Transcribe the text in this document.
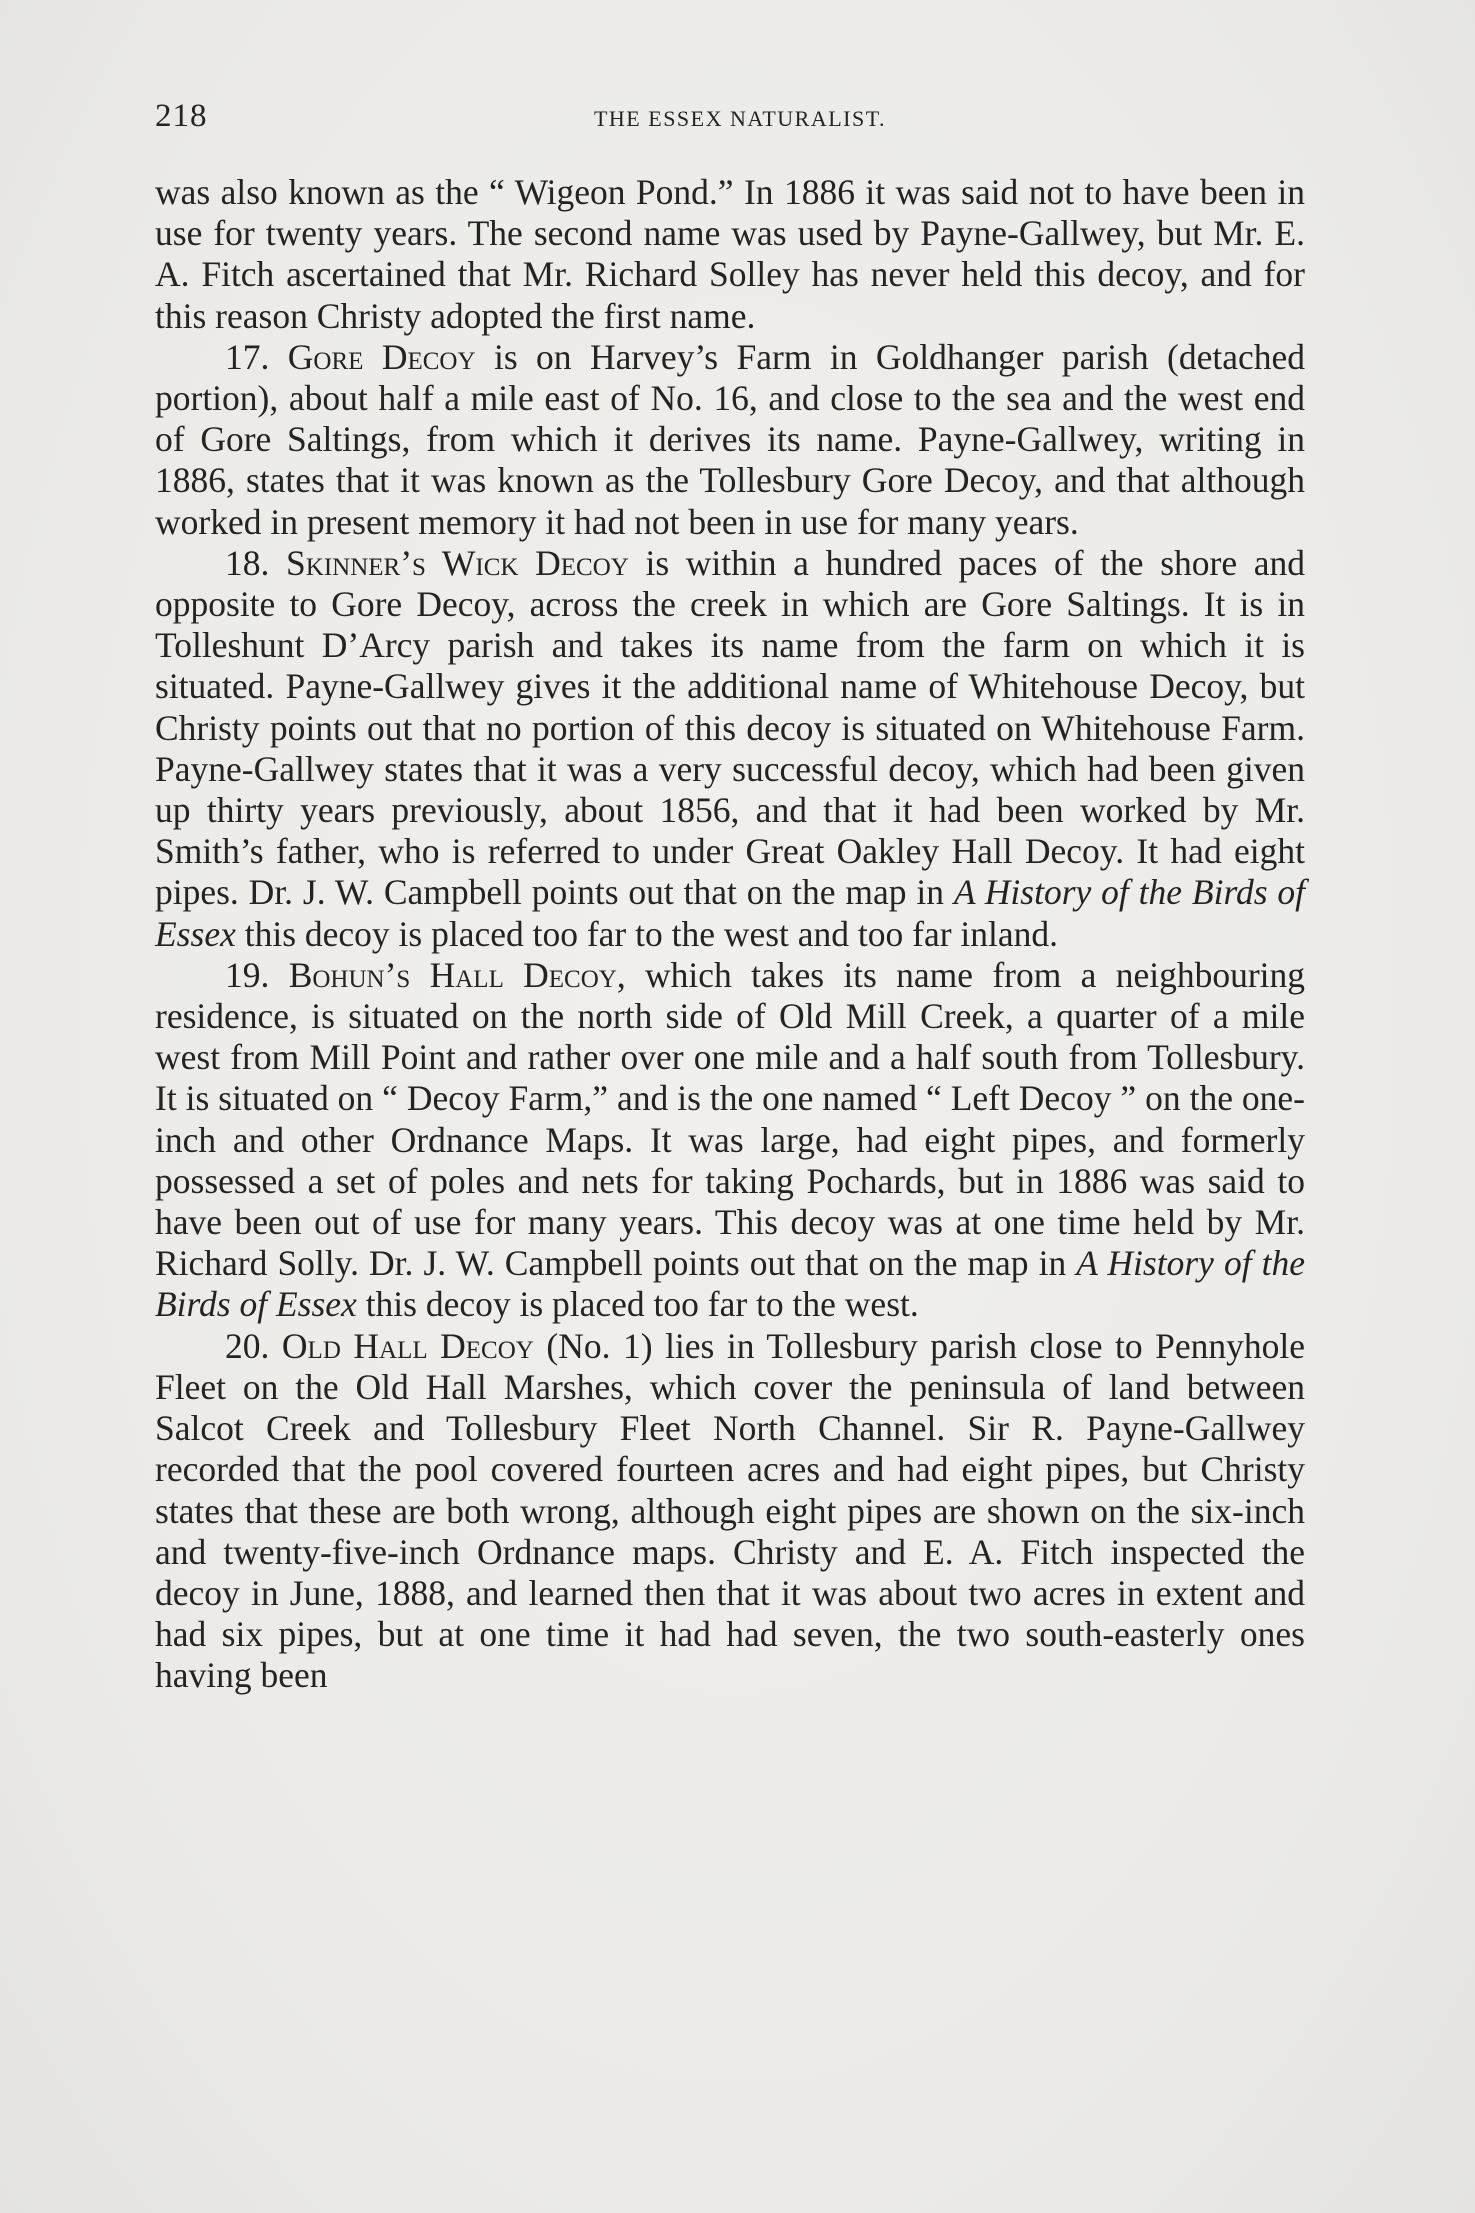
218	THE ESSEX NATURALIST.

was also known as the “ Wigeon Pond.” In 1886 it was said not to have been in use for twenty years. The second name was used by Payne-Gallwey, but Mr. E. A. Fitch ascertained that Mr. Richard Solley has never held this decoy, and for this reason Christy adopted the first name.

17. Gore Decoy is on Harvey’s Farm in Goldhanger parish (detached portion), about half a mile east of No. 16, and close to the sea and the west end of Gore Saltings, from which it derives its name. Payne-Gallwey, writing in 1886, states that it was known as the Tollesbury Gore Decoy, and that although worked in present memory it had not been in use for many years.

18. Skinner’s Wick Decoy is within a hundred paces of the shore and opposite to Gore Decoy, across the creek in which are Gore Saltings. It is in Tolleshunt D’Arcy parish and takes its name from the farm on which it is situated. Payne-Gallwey gives it the additional name of Whitehouse Decoy, but Christy points out that no portion of this decoy is situated on Whitehouse Farm. Payne-Gallwey states that it was a very successful decoy, which had been given up thirty years previously, about 1856, and that it had been worked by Mr. Smith’s father, who is referred to under Great Oakley Hall Decoy. It had eight pipes. Dr. J. W. Campbell points out that on the map in A History of the Birds of Essex this decoy is placed too far to the west and too far inland.

19. Bohun’s Hall Decoy, which takes its name from a neighbouring residence, is situated on the north side of Old Mill Creek, a quarter of a mile west from Mill Point and rather over one mile and a half south from Tollesbury. It is situated on “ Decoy Farm,” and is the one named “ Left Decoy ” on the one-inch and other Ordnance Maps. It was large, had eight pipes, and formerly possessed a set of poles and nets for taking Pochards, but in 1886 was said to have been out of use for many years. This decoy was at one time held by Mr. Richard Solly. Dr. J. W. Campbell points out that on the map in A History of the Birds of Essex this decoy is placed too far to the west.

20. Old Hall Decoy (No. 1) lies in Tollesbury parish close to Pennyhole Fleet on the Old Hall Marshes, which cover the peninsula of land between Salcot Creek and Tollesbury Fleet North Channel. Sir R. Payne-Gallwey recorded that the pool covered fourteen acres and had eight pipes, but Christy states that these are both wrong, although eight pipes are shown on the six-inch and twenty-five-inch Ordnance maps. Christy and E. A. Fitch inspected the decoy in June, 1888, and learned then that it was about two acres in extent and had six pipes, but at one time it had had seven, the two south-easterly ones having been
